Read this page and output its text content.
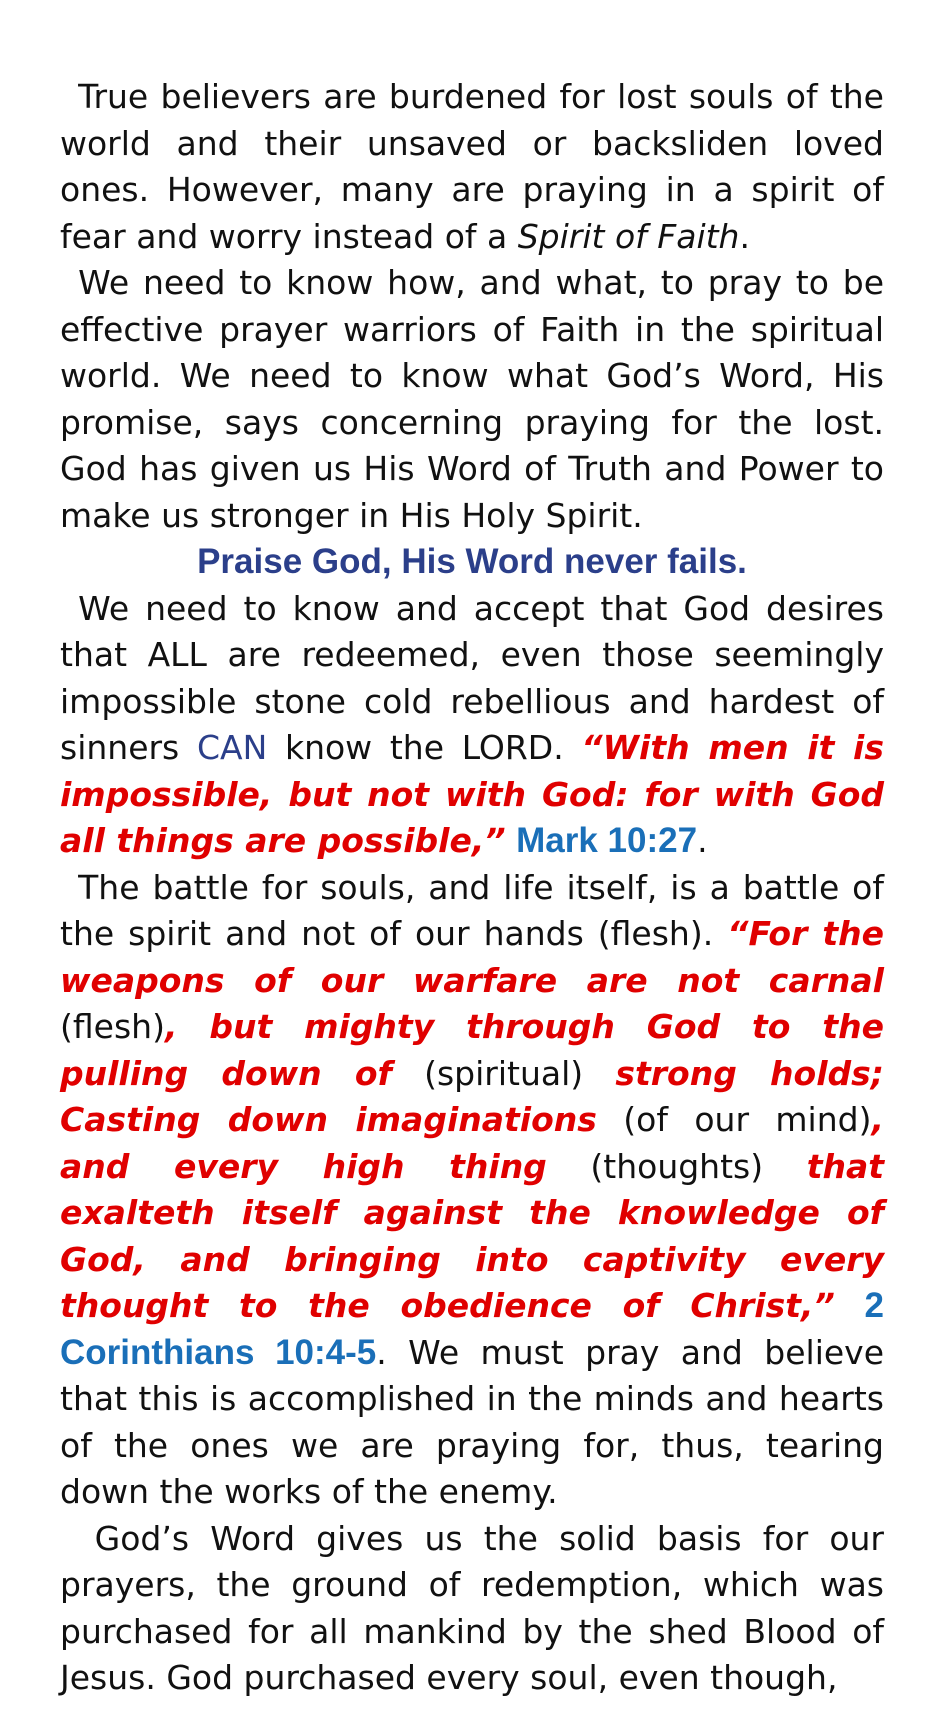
True believers are burdened for lost souls of the world and their unsaved or backsliden loved ones. However, many are praying in a spirit of fear and worry instead of a Spirit of Faith.

We need to know how, and what, to pray to be effective prayer warriors of Faith in the spiritual world. We need to know what God’s Word, His promise, says concerning praying for the lost. God has given us His Word of Truth and Power to make us stronger in His Holy Spirit.

Praise God, His Word never fails.

We need to know and accept that God desires that ALL are redeemed, even those seemingly impossible stone cold rebellious and hardest of sinners CAN know the LORD. “With men it is impossible, but not with God: for with God all things are possible,” Mark 10:27.

The battle for souls, and life itself, is a battle of the spirit and not of our hands (flesh). “For the weapons of our warfare are not carnal (flesh), but mighty through God to the pulling down of (spiritual) strong holds; Casting down imaginations (of our mind), and every high thing (thoughts) that exalteth itself against the knowledge of God, and bringing into captivity every thought to the obedience of Christ,” 2 Corinthians 10:4-5. We must pray and believe that this is accomplished in the minds and hearts of the ones we are praying for, thus, tearing down the works of the enemy.

God’s Word gives us the solid basis for our prayers, the ground of redemption, which was purchased for all mankind by the shed Blood of Jesus. God purchased every soul, even though,
